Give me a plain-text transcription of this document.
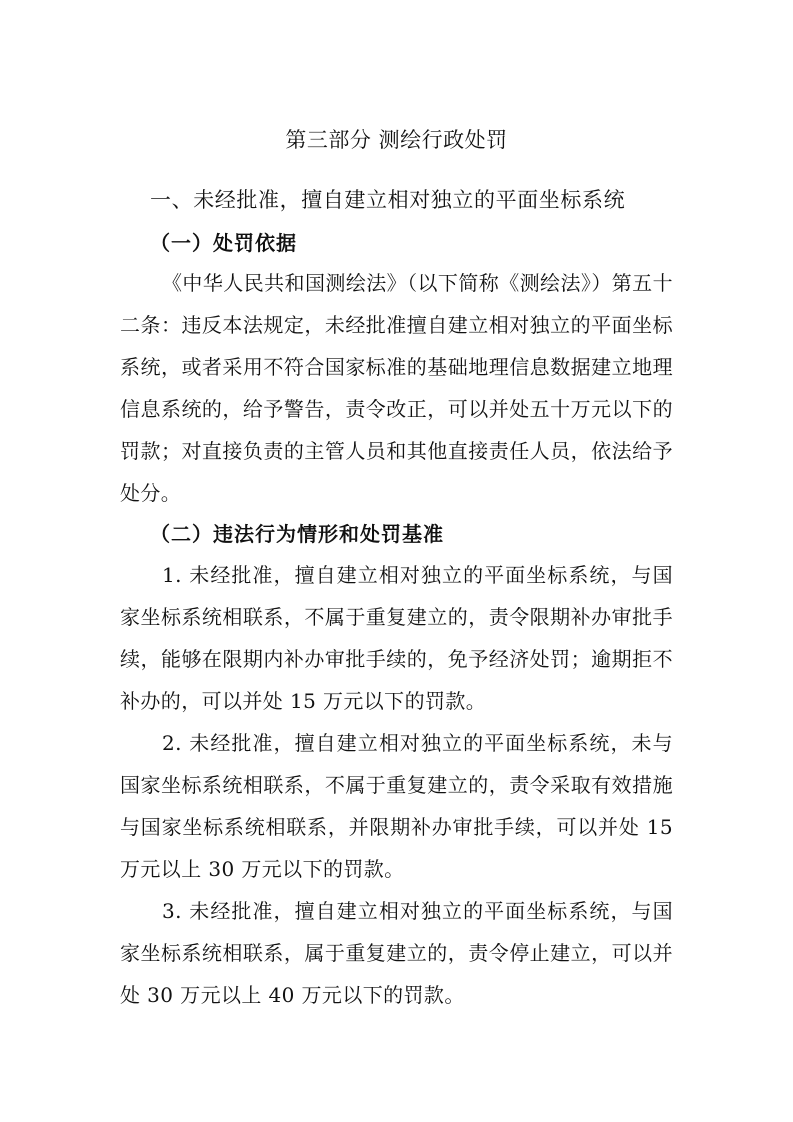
第三部分 测绘行政处罚
一、未经批准，擅自建立相对独立的平面坐标系统
（一）处罚依据

《中华人民共和国测绘法》（以下简称《测绘法》）第五十二条：违反本法规定，未经批准擅自建立相对独立的平面坐标系统，或者采用不符合国家标准的基础地理信息数据建立地理信息系统的，给予警告，责令改正，可以并处五十万元以下的罚款；对直接负责的主管人员和其他直接责任人员，依法给予处分。

（二）违法行为情形和处罚基准

1. 未经批准，擅自建立相对独立的平面坐标系统，与国家坐标系统相联系，不属于重复建立的，责令限期补办审批手续，能够在限期内补办审批手续的，免予经济处罚；逾期拒不补办的，可以并处 15 万元以下的罚款。

2. 未经批准，擅自建立相对独立的平面坐标系统，未与国家坐标系统相联系，不属于重复建立的，责令采取有效措施与国家坐标系统相联系，并限期补办审批手续，可以并处 15 万元以上 30 万元以下的罚款。

3. 未经批准，擅自建立相对独立的平面坐标系统，与国家坐标系统相联系，属于重复建立的，责令停止建立，可以并处 30 万元以上 40 万元以下的罚款。
